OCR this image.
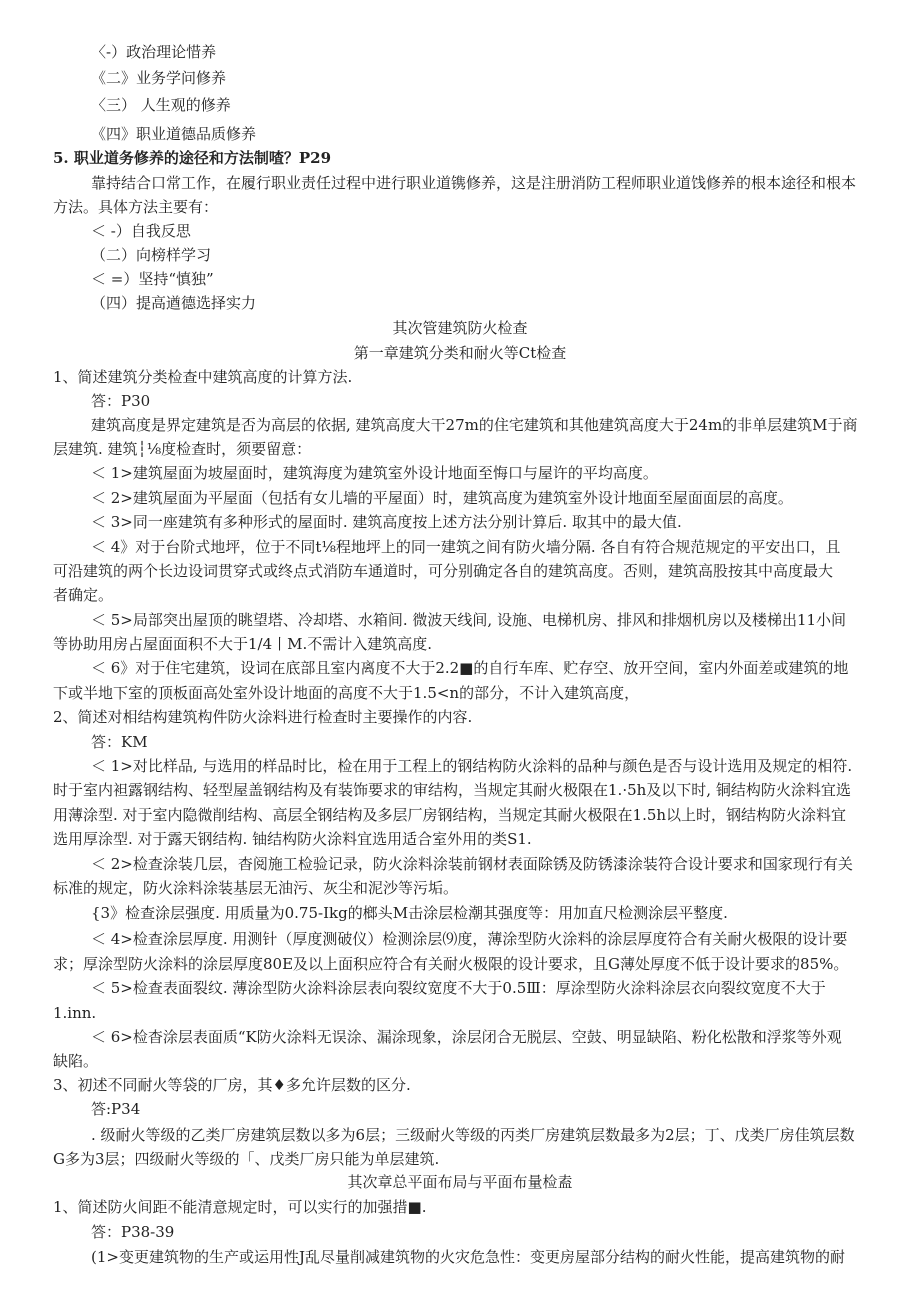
〈-）政治理论惜养

《二》业务学问修养

〈三） 人生观的修养

《四》职业道德品质修养

5. 职业道务修养的途径和方法制喳？P29

靠持结合口常工作，在履行职业责任过程中进行职业道镌修养，这是注册消防工程师职业道饯修养的根本途径和根本

方法。具体方法主要有：

＜ -）自我反思

（二）向榜样学习

＜ =）坚持“慎独”

（四）提高遒德选择实力

其次管建筑防火检查

第一章建筑分类和耐火等Ct检查

1、简述建筑分类检查中建筑高度的计算方法.

答：P30

建筑高度是界定建筑是否为高层的依据, 建筑高度大干27m的住宅建筑和其他建筑高度大于24m的非单层建筑M于商

层建筑. 建筑┆⅛度检查时，须要留意：

＜ 1>建筑屋面为坡屋面时，建筑海度为建筑室外设计地面至悔口与屋许的平均高度。

＜ 2>建筑屋面为平屋面（包括有女儿墙的平屋面）时，建筑高度为建筑室外设计地面至屋面面层的高度。

＜ 3>同一座建筑有多种形式的屋面时. 建筑高度按上述方法分别计算后. 取其中的最大值.

＜ 4》对于台阶式地坪，位于不同t⅛程地坪上的同一建筑之间有防火墙分隔. 各自有符合规范规定的平安出口，且

可沿建筑的两个长边设词贯穿式或终点式消防车通道时，可分别确定各自的建筑高度。否则，建筑高股按其中高度最大

者确定。

＜ 5>局部突出屋顶的眺望塔、冷却塔、水箱间. 微波天线间, 设施、电梯机房、排风和排烟机房以及楼梯出11小间

等协助用房占屋面面积不大于1/4丨M.不需计入建筑高度.

＜ 6》对于住宅建筑，设词在底部且室内离度不大于2.2■的自行车库、贮存空、放开空间，室内外面差或建筑的地

下或半地下室的顶板面高处室外设计地面的高度不大于1.5<n的部分，不计入建筑高度，

2、简述对相结构建筑构件防火涂料进行检查时主要操作的内容.

答：KM

＜ 1>对比样品, 与选用的样品时比，检在用于工程上的钢结构防火涂料的品种与颜色是否与设计选用及规定的相符.

时于室内袒露钢结构、轻型屋盖钢结构及有装饰要求的审结构，当规定其耐火极限在1.·5h及以下时, 铜结构防火涂料宜选

用薄涂型. 对于室内隐微削结构、高层全钢结构及多层厂房钢结构，当规定其耐火极限在1.5h以上时，钢结构防火涂料宜

选用厚涂型. 对于露天钢结构. 铀结构防火涂料宜选用适合室外用的类S1.

＜ 2>检查涂装几层，杳阅施工检验记录，防火涂料涂装前钢材表面除锈及防锈漆涂装符合设计要求和国家现行有关

标准的规定，防火涂料涂装基层无油污、灰尘和泥沙等污垢。

{3》检查涂层强度. 用质量为0.75-Ikg的榔头M击涂层检潮其强度等：用加直尺检测涂层平整度.

＜ 4>检查涂层厚度. 用测针（厚度测破仪）检测涂层⑼度，薄涂型防火涂料的涂层厚度符合有关耐火极限的设计要

求；厚涂型防火涂料的涂层厚度80E及以上面积应符合有关耐火极限的设计要求，且G薄处厚度不低于设计要求的85%。

＜ 5>检查表面裂纹. 薄涂型防火涂料涂层表向裂纹宽度不大于0.5Ⅲ：厚涂型防火涂料涂层衣向裂纹宽度不大于

1.inn.

＜ 6>检杳涂层表面质“K防火涂料无误涂、漏涂现象，涂层闭合无脱层、空鼓、明显缺陷、粉化松散和浮浆等外观

缺陷。

3、初述不同耐火等袋的厂房，其♦多允许层数的区分.

答:P34

. 级耐火等级的乙类厂房建筑层数以多为6层；三级耐火等级的丙类厂房建筑层数最多为2层；丁、戊类厂房佳筑层数

G多为3层；四级耐火等级的「、戊类厂房只能为单层建筑.

其次章总平面布局与平面布量检盍

1、简述防火间距不能清意规定时，可以实行的加强措■.

答：P38-39

(1>变更建筑物的生产或运用性J乱尽量削减建筑物的火灾危急性：变更房屋部分结构的耐火性能，提高建筑物的耐
